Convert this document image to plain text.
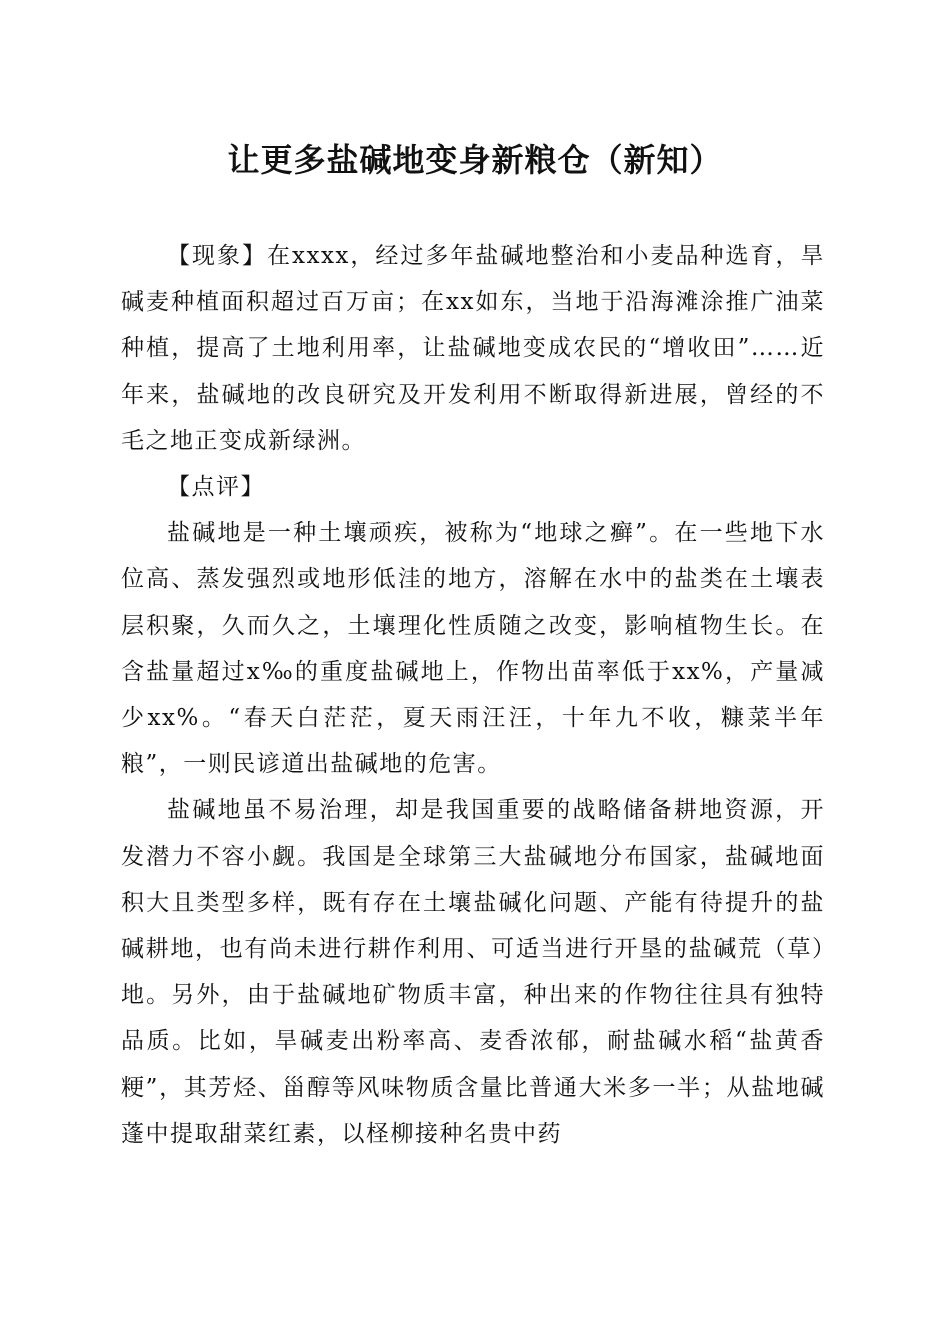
让更多盐碱地变身新粮仓（新知）

【现象】在xxxx，经过多年盐碱地整治和小麦品种选育，旱碱麦种植面积超过百万亩；在xx如东，当地于沿海滩涂推广油菜种植，提高了土地利用率，让盐碱地变成农民的“增收田”……近年来，盐碱地的改良研究及开发利用不断取得新进展，曾经的不毛之地正变成新绿洲。

【点评】

盐碱地是一种土壤顽疾，被称为“地球之癣”。在一些地下水位高、蒸发强烈或地形低洼的地方，溶解在水中的盐类在土壤表层积聚，久而久之，土壤理化性质随之改变，影响植物生长。在含盐量超过x‰的重度盐碱地上，作物出苗率低于xx%，产量减少xx%。“春天白茫茫，夏天雨汪汪，十年九不收，糠菜半年粮”，一则民谚道出盐碱地的危害。

盐碱地虽不易治理，却是我国重要的战略储备耕地资源，开发潜力不容小觑。我国是全球第三大盐碱地分布国家，盐碱地面积大且类型多样，既有存在土壤盐碱化问题、产能有待提升的盐碱耕地，也有尚未进行耕作利用、可适当进行开垦的盐碱荒（草）地。另外，由于盐碱地矿物质丰富，种出来的作物往往具有独特品质。比如，旱碱麦出粉率高、麦香浓郁，耐盐碱水稻“盐黄香粳”，其芳烃、甾醇等风味物质含量比普通大米多一半；从盐地碱蓬中提取甜菜红素，以柽柳接种名贵中药
